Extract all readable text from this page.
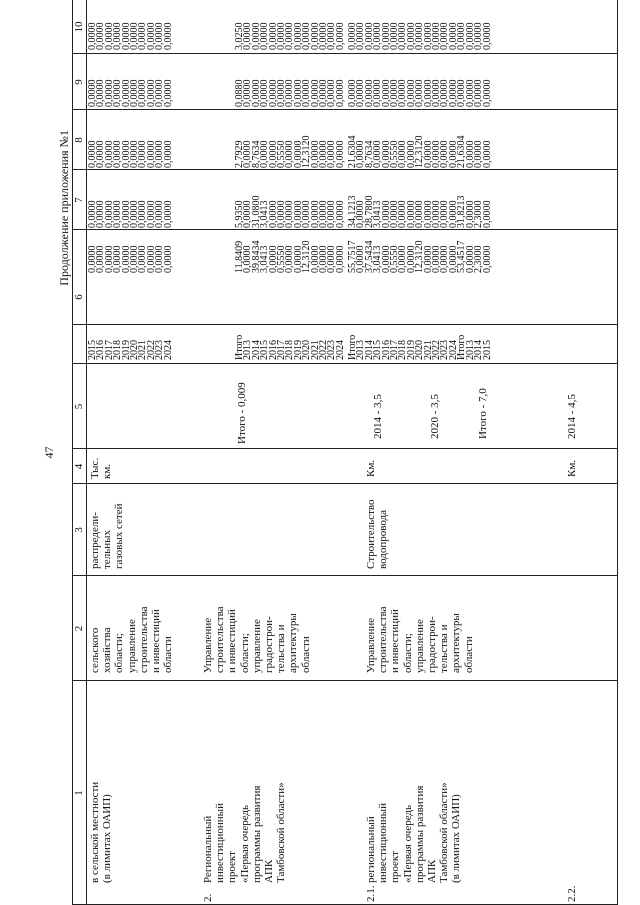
47
Продолжение приложения №1
1
2
3
4
5
6
7
8
9
10
в сельской местности
(в лимитах ОАИП)
сельского
хозяйства
области;
управление
строительства
и инвестиций
области
распредели-
тельных
газовых сетей
Тыс.
км.
2015
2016
2017
2018
2019
2020
2021
2022
2023
2024
0,0000
0,0000
0,0000
0,0000
0,0000
0,0000
0,0000
0,0000
0,0000
0,0000
0,0000
0,0000
0,0000
0,0000
0,0000
0,0000
0,0000
0,0000
0,0000
0,0000
0,0000
0,0000
0,0000
0,0000
0,0000
0,0000
0,0000
0,0000
0,0000
0,0000
0,0000
0,0000
0,0000
0,0000
0,0000
0,0000
0,0000
0,0000
0,0000
0,0000
0,0000
0,0000
0,0000
0,0000
0,0000
0,0000
0,0000
0,0000
0,0000
0,0000
2.
Региональный
инвестиционный
проект
«Первая очередь
программы развития
АПК
Тамбовской области»
Управление
строительства
и инвестиций
области;
управление
градострои-
тельства и
архитектуры
области
Итого - 0,009
Итого
2013
2014
2015
2016
2017
2018
2019
2020
2021
2022
2023
2024
11,8409
0,0000
39,8434
3,0413
0,0000
0,5550
0,0000
0,0000
12,3120
0,0000
0,0000
0,0000
0,0000
5,9350
0,0000
31,0800
3,0413
0,0000
0,0000
0,0000
0,0000
0,0000
0,0000
0,0000
0,0000
0,0000
2,7929
0,0000
8,7634
0,0000
0,0000
0,5550
0,0000
0,0000
12,3120
0,0000
0,0000
0,0000
0,0000
0,0880
0,0000
0,0000
0,0000
0,0000
0,0000
0,0000
0,0000
0,0000
0,0000
0,0000
0,0000
0,0000
3,0250
0,0000
0,0000
0,0000
0,0000
0,0000
0,0000
0,0000
0,0000
0,0000
0,0000
0,0000
0,0000
2.1.
региональный
инвестиционный
проект
«Первая очередь
программы развития
АПК
Тамбовской области»
(в лимитах ОАИП)
Управление
строительства
и инвестиций
области;
управление
градострои-
тельства и
архитектуры
области
Строительство
водопровода
Км.
2014 - 3,5

2020 - 3,5

Итого - 7,0
Итого
2013
2014
2015
2016
2017
2018
2019
2020
2021
2022
2023
2024
Итого
55,7517
0,0000
37,5434
3,0413
0,0000
0,5550
0,0000
0,0000
12,3120
0,0000
0,0000
0,0000
0,0000
53,4517
34,1213
0,0000
28,7800
3,0413
0,0000
0,0000
0,0000
0,0000
0,0000
0,0000
0,0000
0,0000
0,0000
31,8213
21,6304
0,0000
8,7634
0,0000
0,0000
0,5550
0,0000
0,0000
12,3120
0,0000
0,0000
0,0000
0,0000
21,6304
0,0000
0,0000
0,0000
0,0000
0,0000
0,0000
0,0000
0,0000
0,0000
0,0000
0,0000
0,0000
0,0000
0,0000
0,0000
0,0000
0,0000
0,0000
0,0000
0,0000
0,0000
0,0000
0,0000
0,0000
0,0000
0,0000
0,0000
0,0000
2.2.
Км.
2014 - 4,5
2013
2014
2015
0,0000
2,3000
0,0000
0,0000
2,3000
0,0000
0,0000
0,0000
0,0000
0,0000
0,0000
0,0000
0,0000
0,0000
0,0000
